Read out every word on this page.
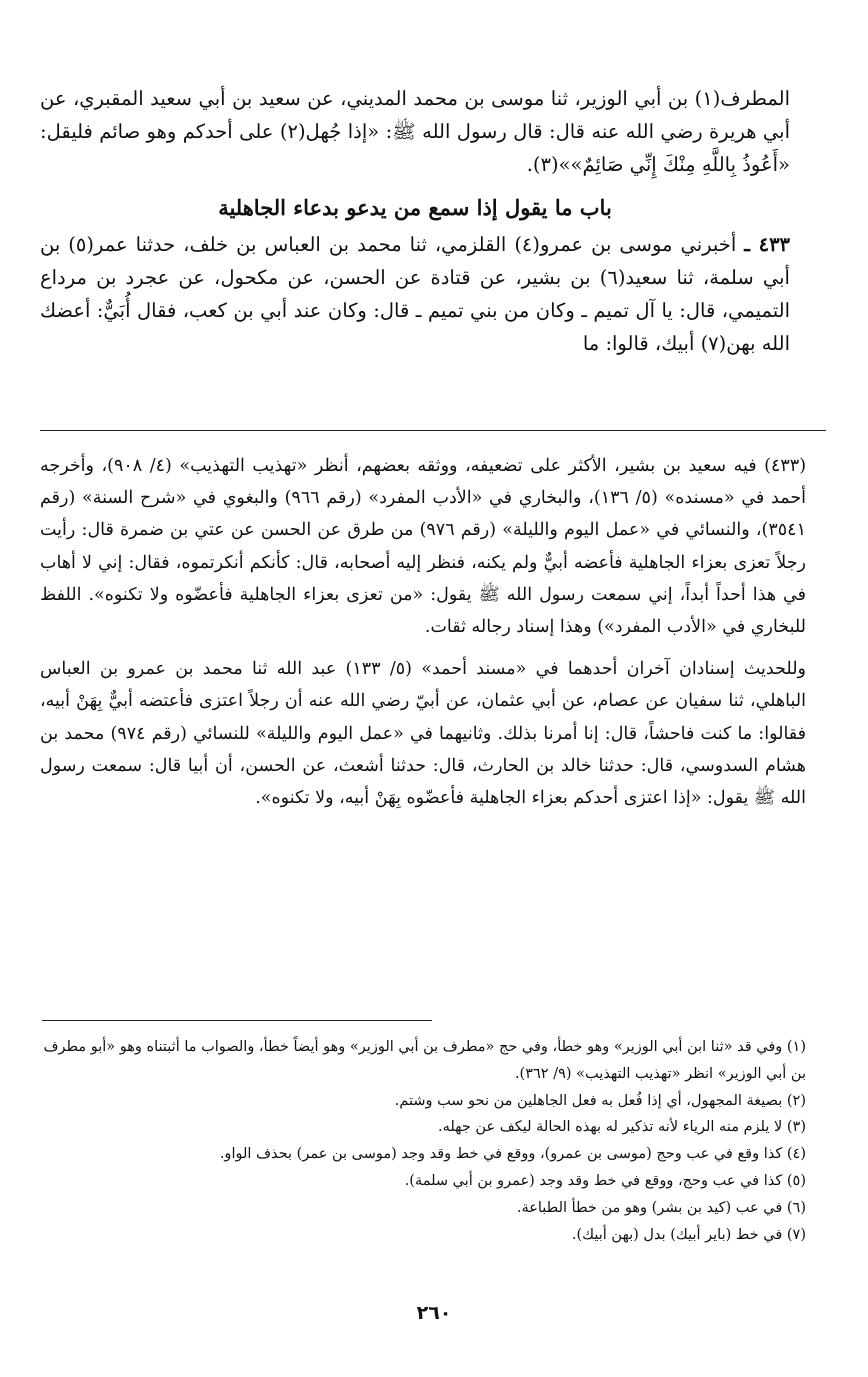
المطرف(١) بن أبي الوزير، ثنا موسى بن محمد المديني، عن سعيد بن أبي سعيد المقبري، عن أبي هريرة رضي الله عنه قال: قال رسول الله ﷺ: «إذا جُهل(٢) على أحدكم وهو صائم فليقل: «أَعُوذُ بِاللَّهِ مِنْكَ إِنِّي صَائِمٌ»»(٣).

باب ما يقول إذا سمع من يدعو بدعاء الجاهلية

٤٣٣ ـ أخبرني موسى بن عمرو(٤) القلزمي، ثنا محمد بن العباس بن خلف، حدثنا عمر(٥) بن أبي سلمة، ثنا سعيد(٦) بن بشير، عن قتادة عن الحسن، عن مكحول، عن عجرد بن مرداع التميمي، قال: يا آل تميم ـ وكان من بني تميم ـ قال: وكان عند أبي بن كعب، فقال أُبَيٌّ: أعضك الله بهن(٧) أبيك، قالوا: ما

(٤٣٣) فيه سعيد بن بشير، الأكثر على تضعيفه، ووثقه بعضهم، أنظر «تهذيب التهذيب» (٤/ ٩٠٨)، وأخرجه أحمد في «مسنده» (٥/ ١٣٦)، والبخاري في «الأدب المفرد» (رقم ٩٦٦) والبغوي في «شرح السنة» (رقم ٣٥٤١)، والنسائي في «عمل اليوم والليلة» (رقم ٩٧٦) من طرق عن الحسن عن عتي بن ضمرة قال: رأيت رجلاً تعزى بعزاء الجاهلية فأعضه أبيٌّ ولم يكنه، فنظر إليه أصحابه، قال: كأنكم أنكرتموه، فقال: إني لا أهاب في هذا أحداً أبداً، إني سمعت رسول الله ﷺ يقول: «من تعزى بعزاء الجاهلية فأعضّوه ولا تكنوه». اللفظ للبخاري في «الأدب المفرد») وهذا إسناد رجاله ثقات.

وللحديث إسنادان آخران أحدهما في «مسند أحمد» (٥/ ١٣٣) عبد الله ثنا محمد بن عمرو بن العباس الباهلي، ثنا سفيان عن عصام، عن أبي عثمان، عن أبيّ رضي الله عنه أن رجلاً اعتزى فأعتضه أبيٌّ بِهَنْ أبيه، فقالوا: ما كنت فاحشاً، قال: إنا أمرنا بذلك. وثانيهما في «عمل اليوم والليلة» للنسائي (رقم ٩٧٤) محمد بن هشام السدوسي، قال: حدثنا خالد بن الحارث، قال: حدثنا أشعث، عن الحسن، أن أبيا قال: سمعت رسول الله ﷺ يقول: «إذا اعتزى أحدكم بعزاء الجاهلية فأعضّوه بِهَنْ أبيه، ولا تكنوه».

(١) وفي قد «ثنا ابن أبي الوزير» وهو خطأ، وفي حج «مطرف بن أبي الوزير» وهو أيضاً خطأ، والصواب ما أثبتناه وهو «أبو مطرف بن أبي الوزير» انظر «تهذيب التهذيب» (٩/ ٣٦٢).

(٢) بصيغة المجهول، أي إذا فُعل به فعل الجاهلين من نحو سب وشتم.

(٣) لا يلزم منه الرياء لأنه تذكير له بهذه الحالة ليكف عن جهله.

(٤) كذا وقع في عب وحج (موسى بن عمرو)، ووقع في خط وقد وجد (موسى بن عمر) بحذف الواو.

(٥) كذا في عب وحج، ووقع في خط وقد وجد (عمرو بن أبي سلمة).

(٦) في عب (كيد بن بشر) وهو من خطأ الطباعة.

(٧) في خط (باير أبيك) بدل (بهن أبيك).

٢٦٠
